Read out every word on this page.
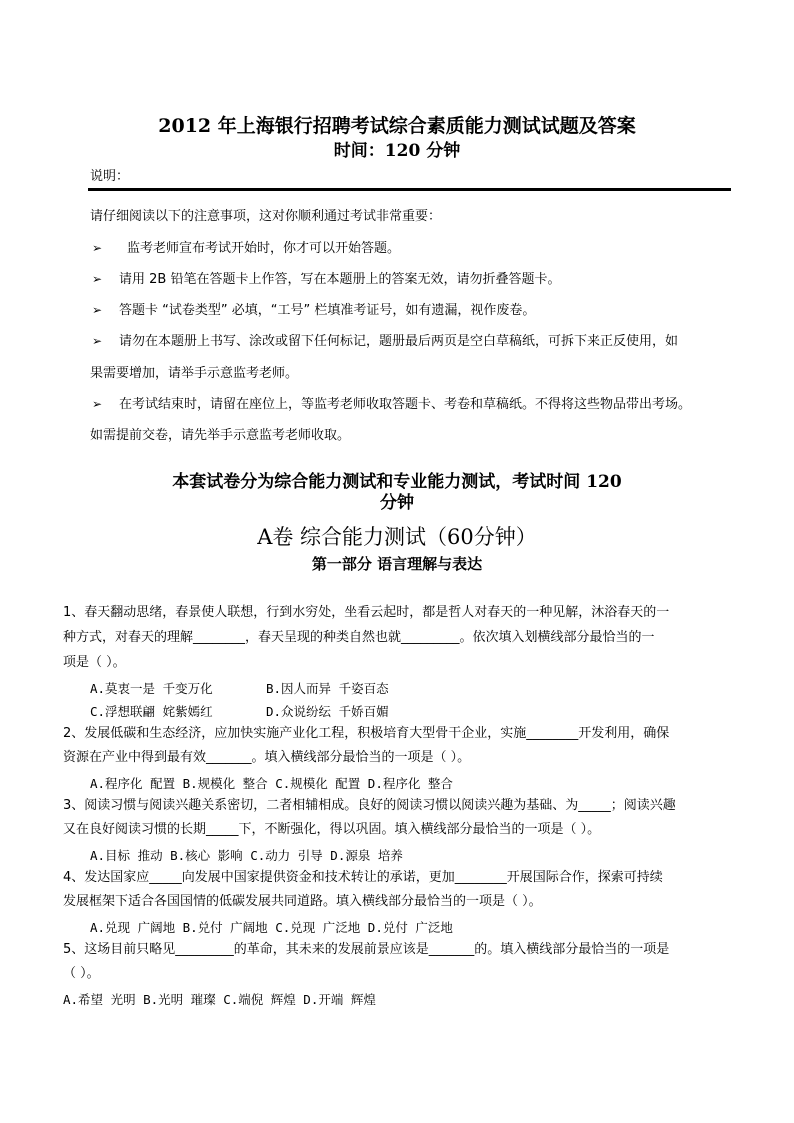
2012 年上海银行招聘考试综合素质能力测试试题及答案
时间：120 分钟
说明：
请仔细阅读以下的注意事项，这对你顺利通过考试非常重要：
➢ 监考老师宣布考试开始时，你才可以开始答题。
➢ 请用 2B 铅笔在答题卡上作答，写在本题册上的答案无效，请勿折叠答题卡。
➢ 答题卡 “试卷类型” 必填，“工号” 栏填准考证号，如有遗漏，视作废卷。
➢ 请勿在本题册上书写、涂改或留下任何标记，题册最后两页是空白草稿纸，可拆下来正反使用，如
果需要增加，请举手示意监考老师。
➢ 在考试结束时，请留在座位上，等监考老师收取答题卡、考卷和草稿纸。不得将这些物品带出考场。
如需提前交卷，请先举手示意监考老师收取。
本套试卷分为综合能力测试和专业能力测试，考试时间 120
分钟
A卷 综合能力测试（60分钟）
第一部分 语言理解与表达
1、春天翻动思绪，春景使人联想，行到水穷处，坐看云起时，都是哲人对春天的一种见解，沐浴春天的一
种方式，对春天的理解________，春天呈现的种类自然也就_________。依次填入划横线部分最恰当的一
项是（ ）。
A.莫衷一是 千变万化	B.因人而异 千姿百态
C.浮想联翩 姹紫嫣红	D.众说纷纭 千娇百媚
2、发展低碳和生态经济，应加快实施产业化工程，积极培育大型骨干企业，实施________开发利用，确保
资源在产业中得到最有效_______。填入横线部分最恰当的一项是（ ）。
A.程序化 配置 B.规模化 整合 C.规模化 配置 D.程序化 整合
3、阅读习惯与阅读兴趣关系密切，二者相辅相成。良好的阅读习惯以阅读兴趣为基础、为_____；阅读兴趣
又在良好阅读习惯的长期_____下，不断强化，得以巩固。填入横线部分最恰当的一项是（ ）。
A.目标 推动 B.核心 影响 C.动力 引导 D.源泉 培养
4、发达国家应_____向发展中国家提供资金和技术转让的承诺，更加________开展国际合作，探索可持续
发展框架下适合各国国情的低碳发展共同道路。填入横线部分最恰当的一项是（ ）。
A.兑现 广阔地 B.兑付 广阔地 C.兑现 广泛地 D.兑付 广泛地
5、这场目前只略见_________的革命，其未来的发展前景应该是_______的。填入横线部分最恰当的一项是
（ ）。
A.希望 光明 B.光明 璀璨 C.端倪 辉煌 D.开端 辉煌
